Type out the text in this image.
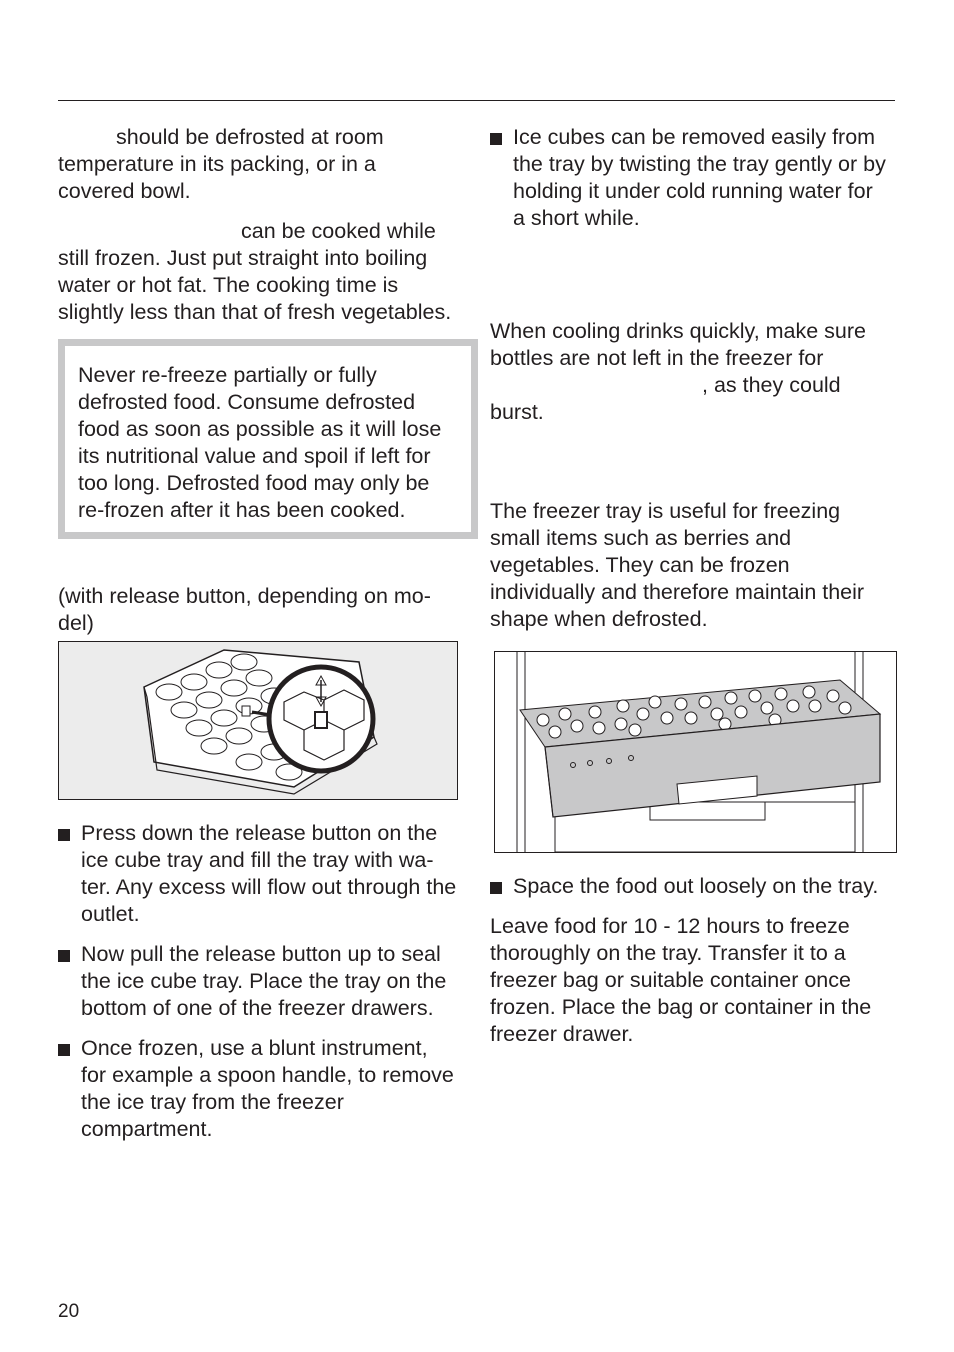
should be defrosted at room temperature in its packing, or in a covered bowl.

can be cooked while
still frozen. Just put straight into boiling water or hot fat. The cooking time is slightly less than that of fresh vegetables.

Never re-freeze partially or fully defrosted food. Consume defrosted food as soon as possible as it will lose its nutritional value and spoil if left for too long. Defrosted food may only be re-frozen after it has been cooked.

(with release button, depending on mo-del)

Press down the release button on the ice cube tray and fill the tray with wa-ter. Any excess will flow out through the outlet.
Now pull the release button up to seal the ice cube tray. Place the tray on the bottom of one of the freezer drawers.
Once frozen, use a blunt instrument, for example a spoon handle, to remove the ice tray from the freezer compartment.
Ice cubes can be removed easily from the tray by twisting the tray gently or by holding it under cold running water for a short while.

When cooling drinks quickly, make sure bottles are not left in the freezer for
, as they could
burst.

The freezer tray is useful for freezing small items such as berries and vegetables. They can be frozen individually and therefore maintain their shape when defrosted.

Space the food out loosely on the tray.

Leave food for 10 - 12 hours to freeze thoroughly on the tray. Transfer it to a freezer bag or suitable container once frozen. Place the bag or container in the freezer drawer.

20
